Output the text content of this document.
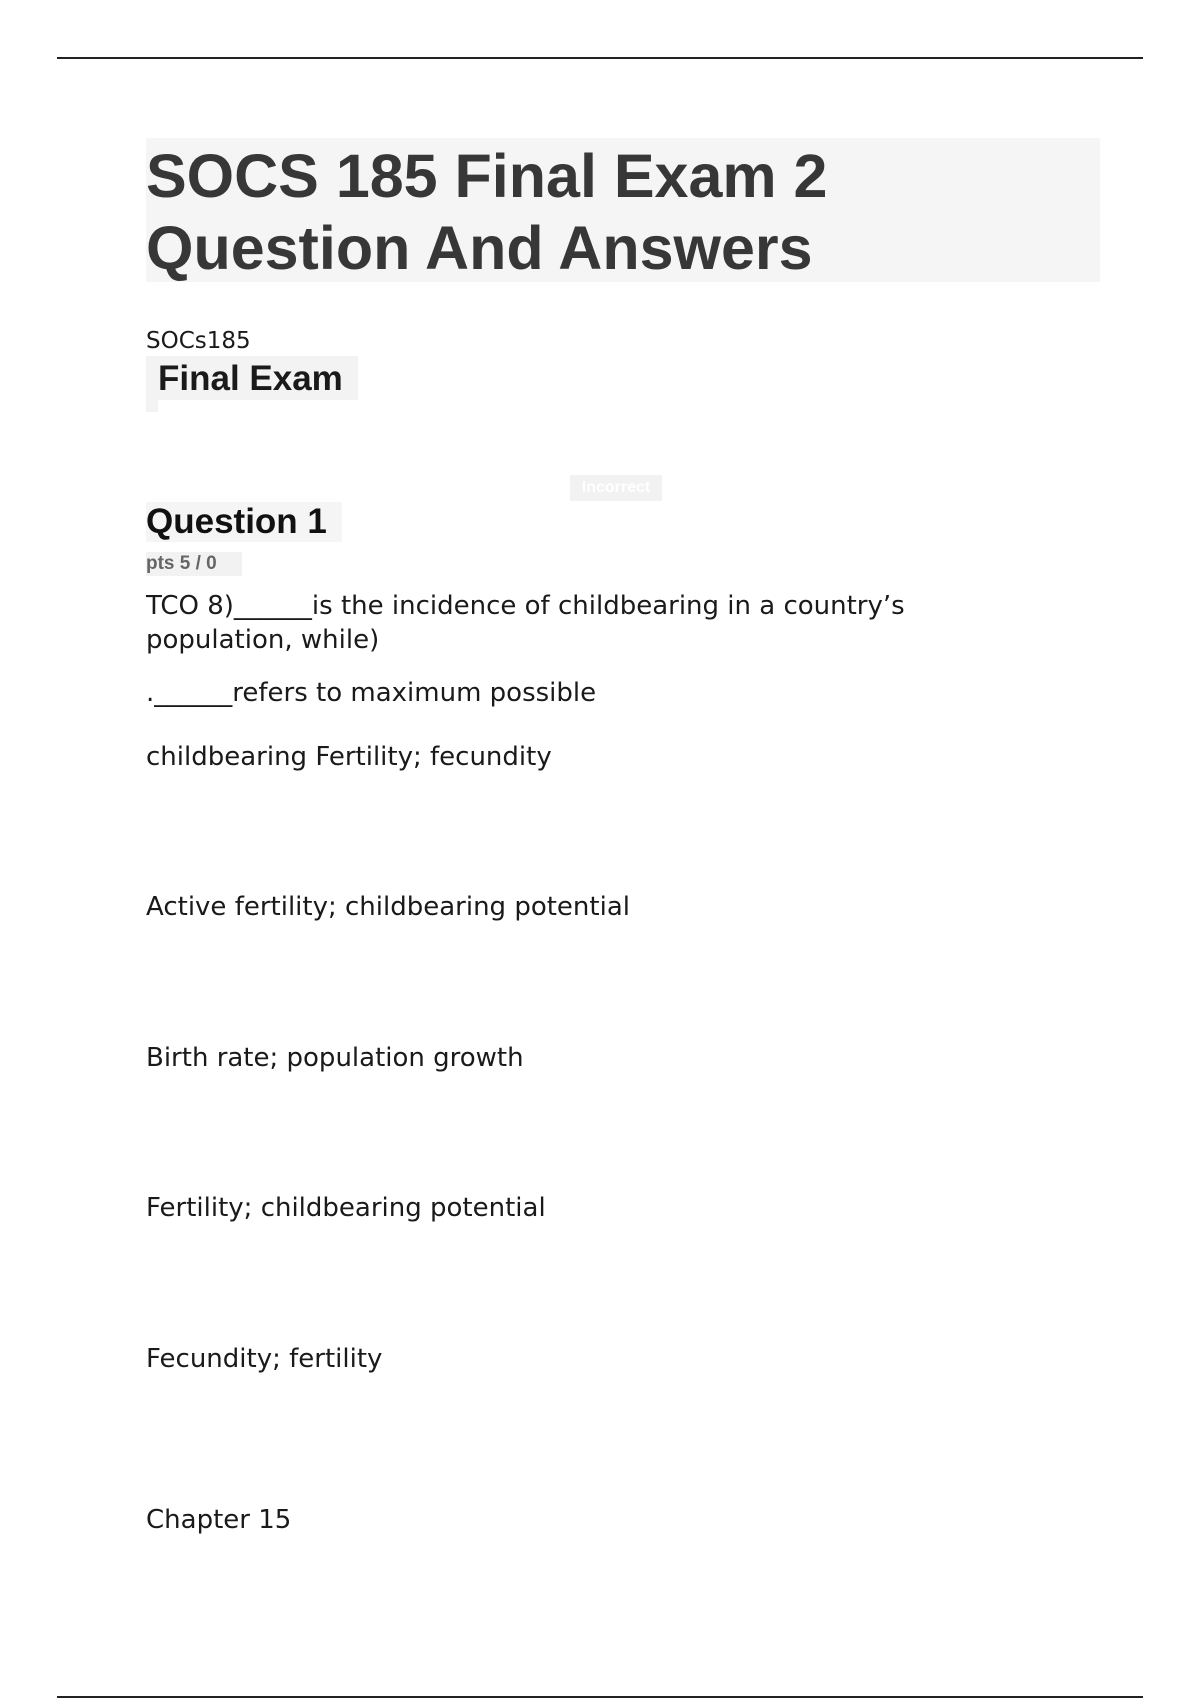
SOCS 185 Final Exam 2 Question And Answers
SOCs185
Final Exam
Incorrect
Question 1
pts 5 / 0

TCO 8)______is the incidence of childbearing in a country’s population, while)

.______refers to maximum possible

childbearing Fertility; fecundity

Active fertility; childbearing potential

Birth rate; population growth

Fertility; childbearing potential

Fecundity; fertility

Chapter 15
